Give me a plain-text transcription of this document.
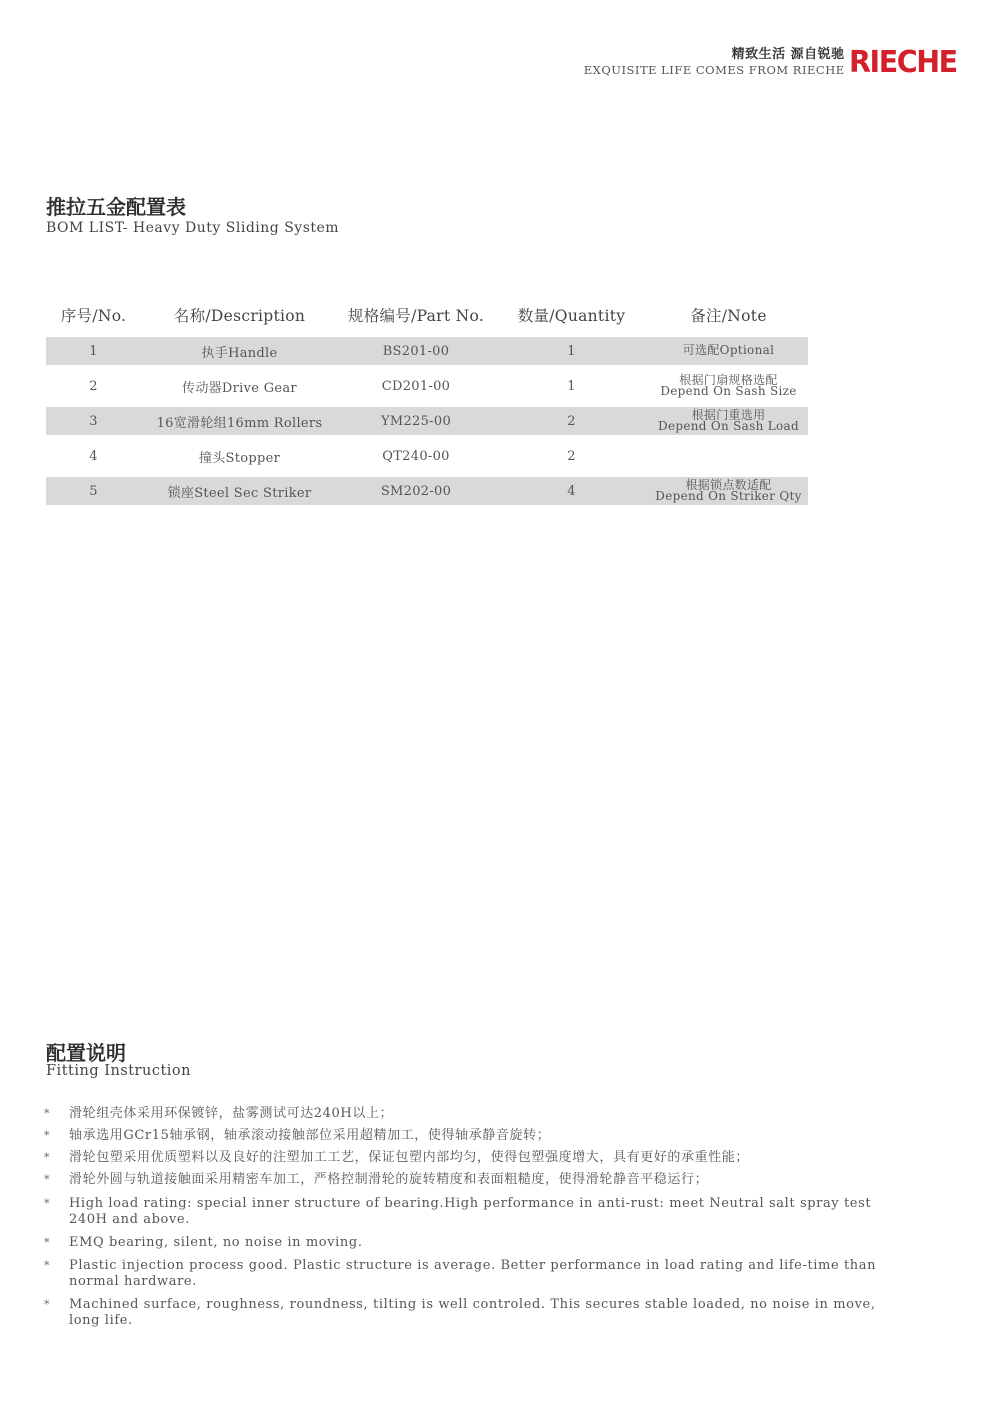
精致生活 源自锐驰
EXQUISITE LIFE COMES FROM RIECHE RIECHE
推拉五金配置表
BOM LIST- Heavy Duty Sliding System
序号/No.	名称/Description	规格编号/Part No.	数量/Quantity	备注/Note
1	执手Handle	BS201-00	1	可选配Optional
2	传动器Drive Gear	CD201-00	1	根据门扇规格选配
Depend On Sash Size
3	16宽滑轮组16mm Rollers	YM225-00	2	根据门重选用
Depend On Sash Load
4	撞头Stopper	QT240-00	2
5	锁座Steel Sec Striker	SM202-00	4	根据锁点数适配
Depend On Striker Qty
配置说明
Fitting Instruction
*	滑轮组壳体采用环保镀锌，盐雾测试可达240H以上；
*	轴承选用GCr15轴承钢，轴承滚动接触部位采用超精加工，使得轴承静音旋转；
*	滑轮包塑采用优质塑料以及良好的注塑加工工艺，保证包塑内部均匀，使得包塑强度增大，具有更好的承重性能；
*	滑轮外圆与轨道接触面采用精密车加工，严格控制滑轮的旋转精度和表面粗糙度，使得滑轮静音平稳运行；
*	High load rating: special inner structure of bearing.High performance in anti-rust: meet Neutral salt spray test 240H and above.
*	EMQ bearing, silent, no noise in moving.
*	Plastic injection process good. Plastic structure is average. Better performance in load rating and life-time than normal hardware.
*	Machined surface, roughness, roundness, tilting is well controled. This secures stable loaded, no noise in move, long life.
